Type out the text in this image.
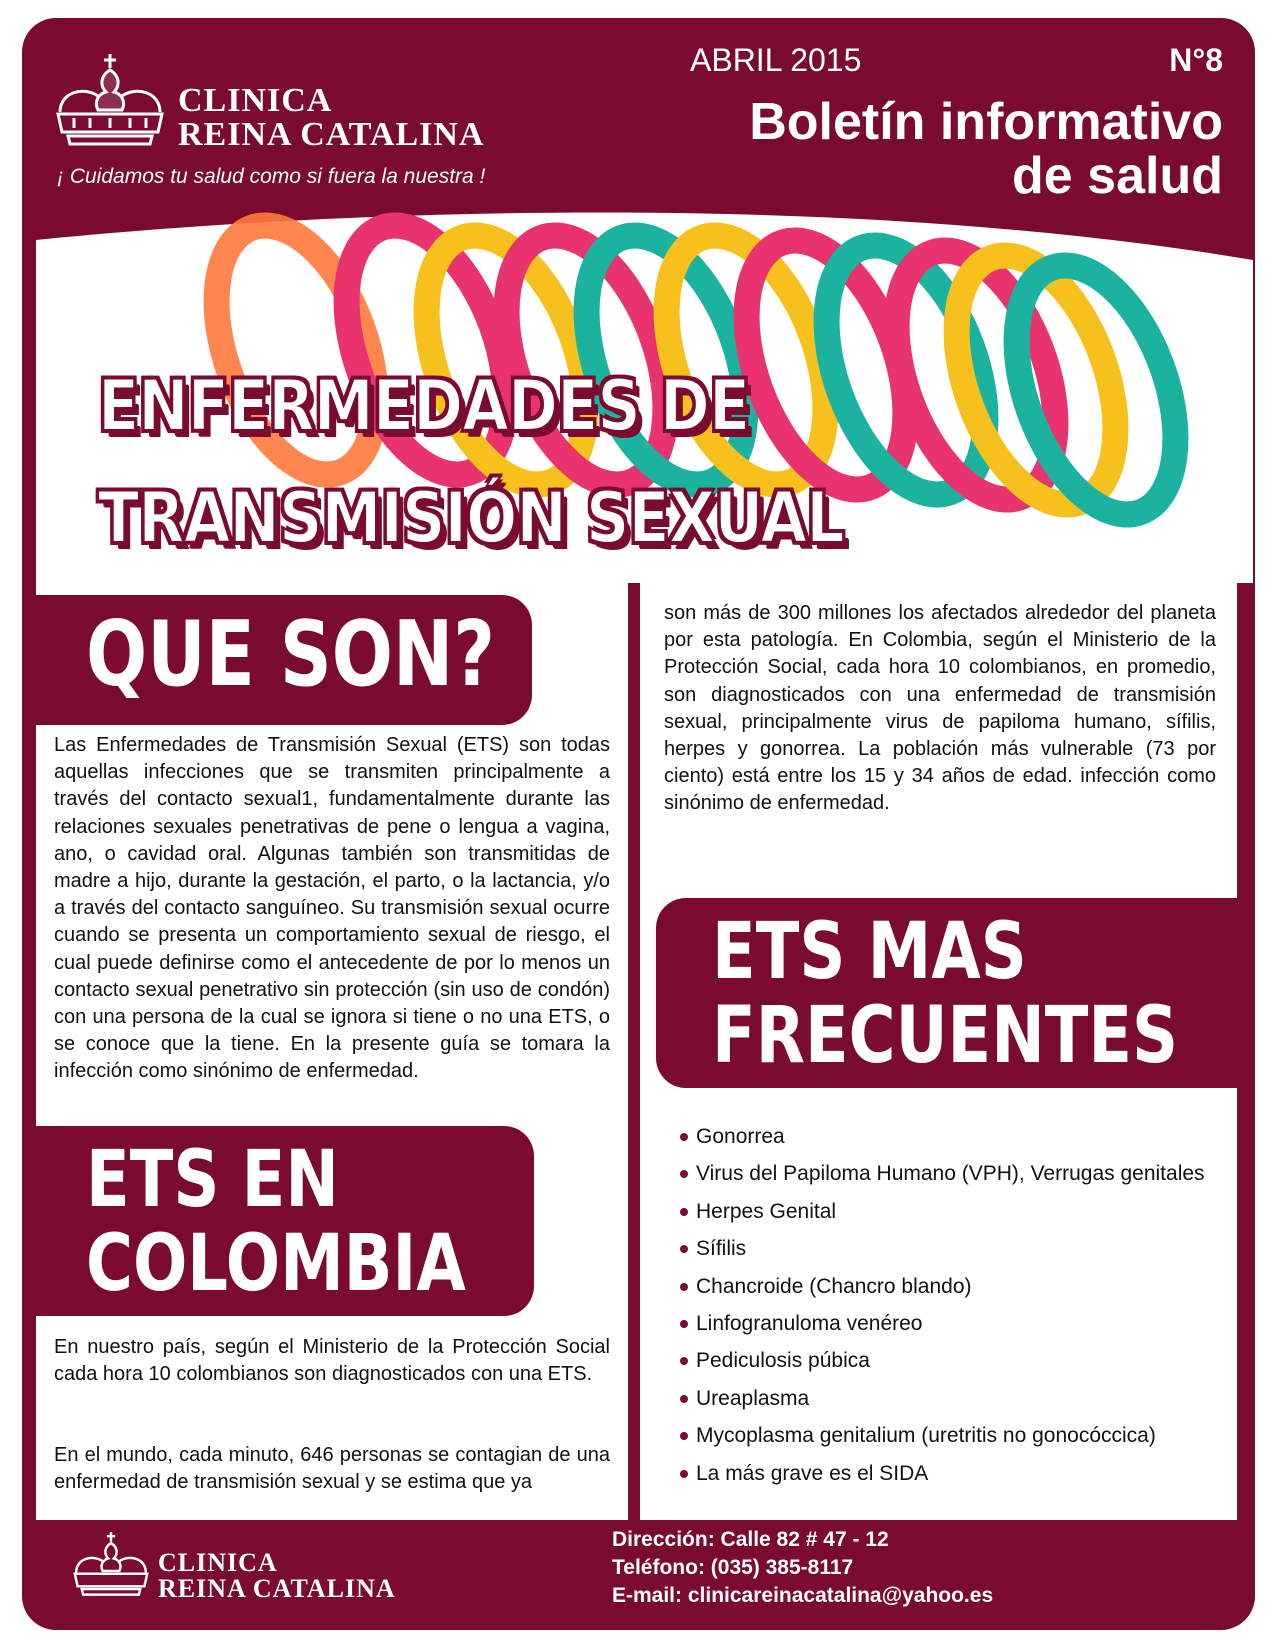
CLINICA
REINA CATALINA
¡ Cuidamos tu salud como si fuera la nuestra !
ABRIL 2015	N°8
Boletín informativo
de salud
ENFERMEDADES DE
TRANSMISIÓN SEXUAL
QUE SON?
Las Enfermedades de Transmisión Sexual (ETS) son todas aquellas infecciones que se transmiten principalmente a través del contacto sexual1, fundamentalmente durante las relaciones sexuales penetrativas de pene o lengua a vagina, ano, o cavidad oral. Algunas también son transmitidas de madre a hijo, durante la gestación, el parto, o la lactancia, y/o a través del contacto sanguíneo. Su transmisión sexual ocurre cuando se presenta un comportamiento sexual de riesgo, el cual puede definirse como el antecedente de por lo menos un contacto sexual penetrativo sin protección (sin uso de condón) con una persona de la cual se ignora si tiene o no una ETS, o se conoce que la tiene. En la presente guía se tomara la infección como sinónimo de enfermedad.
ETS EN
COLOMBIA
En nuestro país, según el Ministerio de la Protección Social cada hora 10 colombianos son diagnosticados con una ETS.
En el mundo, cada minuto, 646 personas se contagian de una enfermedad de transmisión sexual y se estima que ya
son más de 300 millones los afectados alrededor del planeta por esta patología. En Colombia, según el Ministerio de la Protección Social, cada hora 10 colombianos, en promedio, son diagnosticados con una enfermedad de transmisión sexual, principalmente virus de papiloma humano, sífilis, herpes y gonorrea. La población más vulnerable (73 por ciento) está entre los 15 y 34 años de edad. infección como sinónimo de enfermedad.
ETS MAS
FRECUENTES
Gonorrea
Virus del Papiloma Humano (VPH), Verrugas genitales
Herpes Genital
Sífilis
Chancroide (Chancro blando)
Linfogranuloma venéreo
Pediculosis púbica
Ureaplasma
Mycoplasma genitalium (uretritis no gonocóccica)
La más grave es el SIDA
CLINICA
REINA CATALINA
Dirección: Calle 82 # 47 - 12
Teléfono: (035) 385-8117
E-mail: clinicareinacatalina@yahoo.es
